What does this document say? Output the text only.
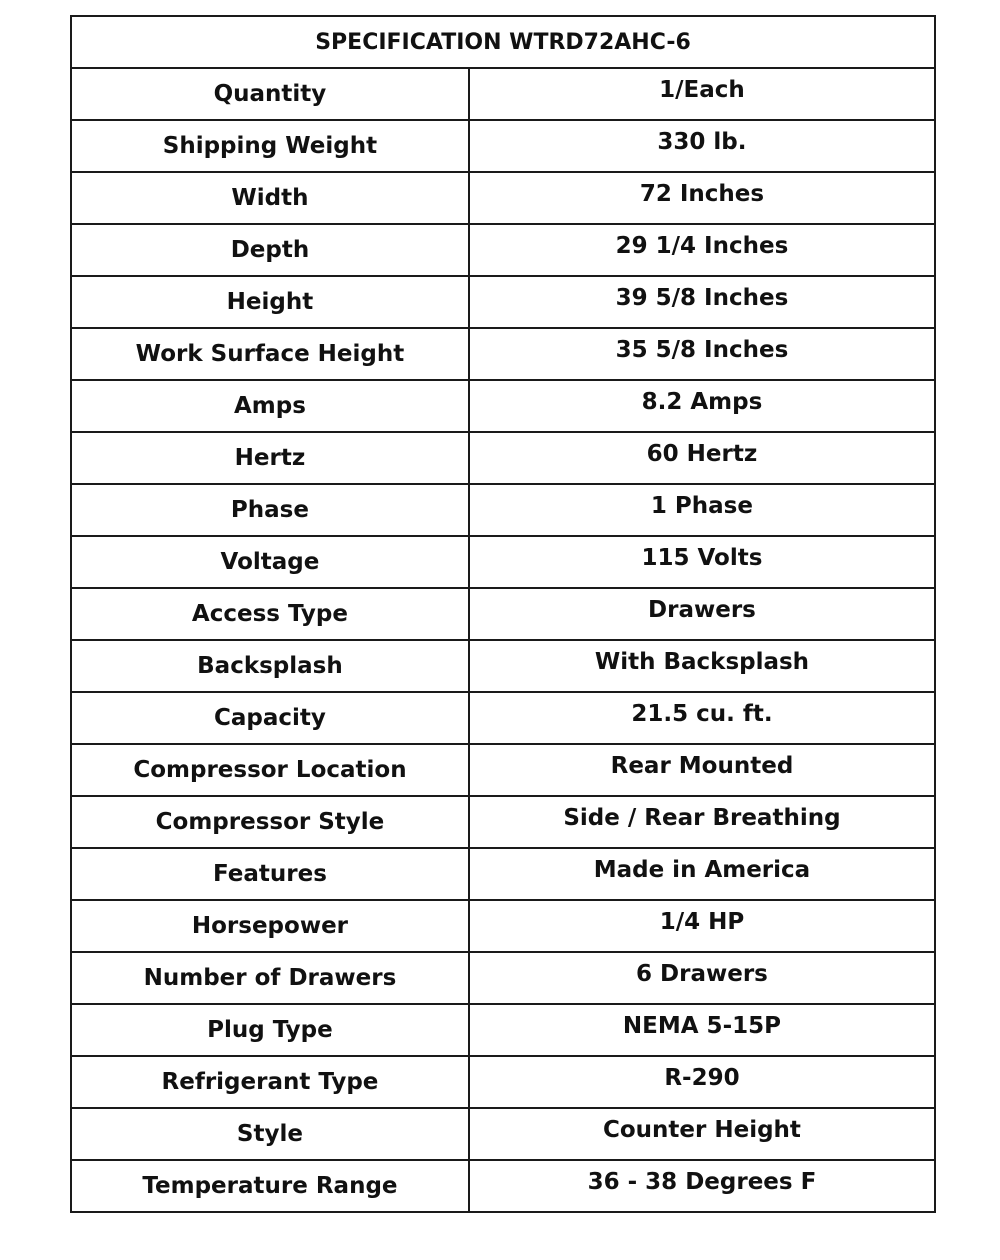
SPECIFICATION WTRD72AHC-6	
Quantity	1/Each
Shipping Weight	330 lb.
Width	72 Inches
Depth	29 1/4 Inches
Height	39 5/8 Inches
Work Surface Height	35 5/8 Inches
Amps	8.2 Amps
Hertz	60 Hertz
Phase	1 Phase
Voltage	115 Volts
Access Type	Drawers
Backsplash	With Backsplash
Capacity	21.5 cu. ft.
Compressor Location	Rear Mounted
Compressor Style	Side / Rear Breathing
Features	Made in America
Horsepower	1/4 HP
Number of Drawers	6 Drawers
Plug Type	NEMA 5-15P
Refrigerant Type	R-290
Style	Counter Height
Temperature Range	36 - 38 Degrees F
